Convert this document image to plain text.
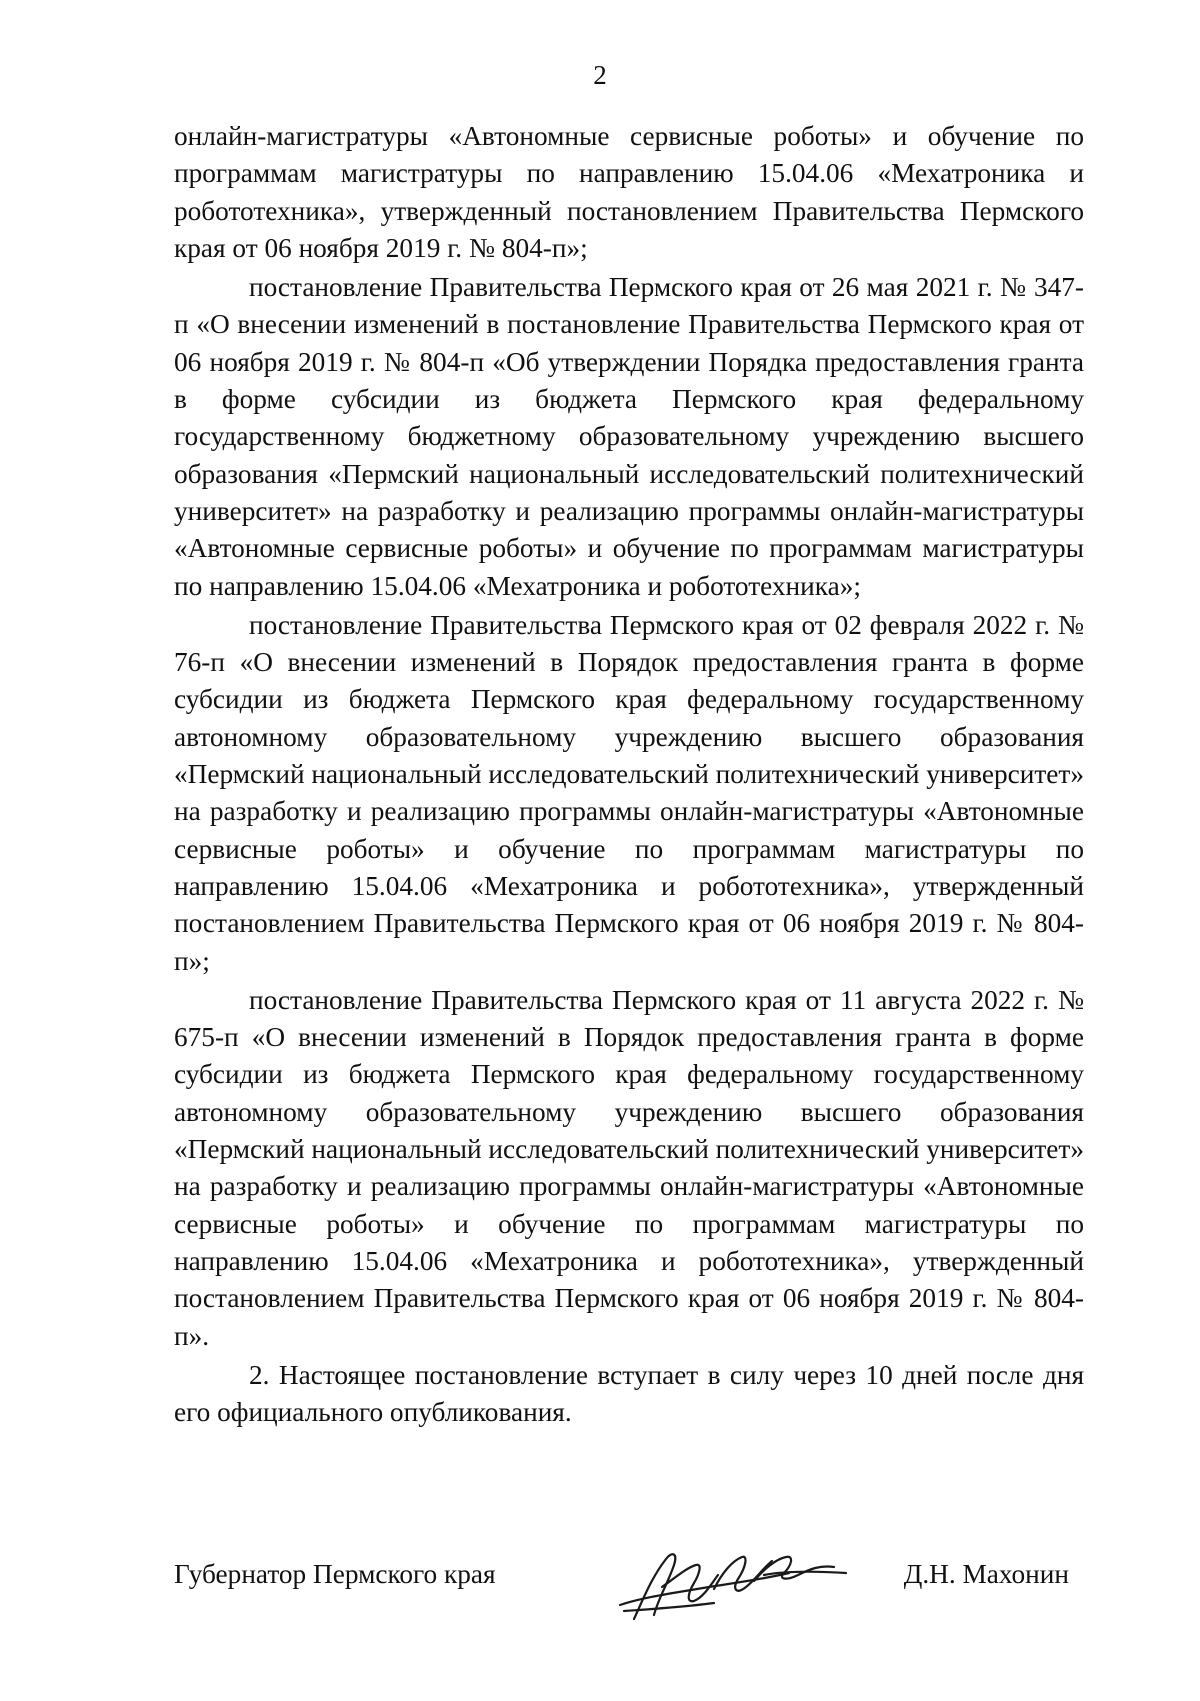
2

онлайн-магистратуры «Автономные сервисные роботы» и обучение по программам магистратуры по направлению 15.04.06 «Мехатроника и робототехника», утвержденный постановлением Правительства Пермского края от 06 ноября 2019 г. № 804-п»;

постановление Правительства Пермского края от 26 мая 2021 г. № 347-п «О внесении изменений в постановление Правительства Пермского края от 06 ноября 2019 г. № 804-п «Об утверждении Порядка предоставления гранта в форме субсидии из бюджета Пермского края федеральному государственному бюджетному образовательному учреждению высшего образования «Пермский национальный исследовательский политехнический университет» на разработку и реализацию программы онлайн-магистратуры «Автономные сервисные роботы» и обучение по программам магистратуры по направлению 15.04.06 «Мехатроника и робототехника»;

постановление Правительства Пермского края от 02 февраля 2022 г. № 76-п «О внесении изменений в Порядок предоставления гранта в форме субсидии из бюджета Пермского края федеральному государственному автономному образовательному учреждению высшего образования «Пермский национальный исследовательский политехнический университет» на разработку и реализацию программы онлайн-магистратуры «Автономные сервисные роботы» и обучение по программам магистратуры по направлению 15.04.06 «Мехатроника и робототехника», утвержденный постановлением Правительства Пермского края от 06 ноября 2019 г. № 804-п»;

постановление Правительства Пермского края от 11 августа 2022 г. № 675-п «О внесении изменений в Порядок предоставления гранта в форме субсидии из бюджета Пермского края федеральному государственному автономному образовательному учреждению высшего образования «Пермский национальный исследовательский политехнический университет» на разработку и реализацию программы онлайн-магистратуры «Автономные сервисные роботы» и обучение по программам магистратуры по направлению 15.04.06 «Мехатроника и робототехника», утвержденный постановлением Правительства Пермского края от 06 ноября 2019 г. № 804-п».

2. Настоящее постановление вступает в силу через 10 дней после дня его официального опубликования.

Губернатор Пермского края	Д.Н. Махонин
